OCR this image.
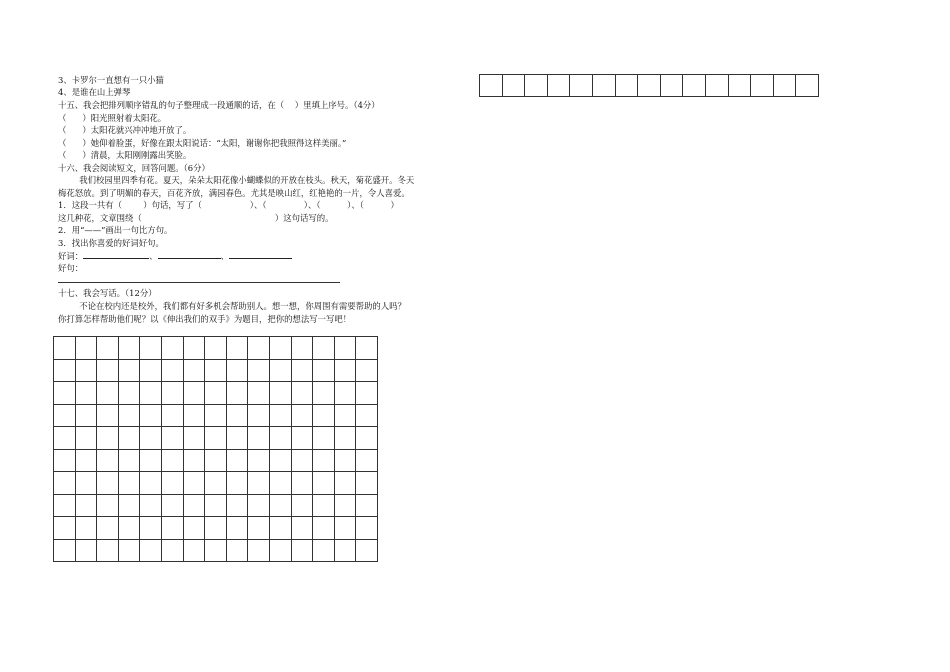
3、卡罗尔一直想有一只小猫
4、是谁在山上弹琴
十五、我会把排列顺序错乱的句子整理成一段通顺的话，在（    ）里填上序号。（4分）
（      ）阳光照射着太阳花。
（      ）太阳花就兴冲冲地开放了。
（      ）她仰着脸蛋，好像在跟太阳说话：“太阳，谢谢你把我照得这样美丽。”
（      ）清晨，太阳刚刚露出笑脸。
十六、我会阅读短文，回答问题。（6分）
我们校园里四季有花。夏天，朵朵太阳花像小蝴蝶似的开放在枝头。秋天，菊花盛开。冬天
梅花怒放。到了明媚的春天，百花齐放，满园春色。尤其是映山红，红艳艳的一片，令人喜爱。
1．这段一共有（        ）句话，写了（                  ）、（              ）、（          ）、（          ）
这几种花，文章围绕（                                                  ）这句话写的。
2．用“——”画出一句比方句。
3．找出你喜爱的好词好句。
好词：	、	、
好句：
十七、我会写话。（12分）
不论在校内还是校外，我们都有好多机会帮助别人。想一想，你周围有需要帮助的人吗？
你打算怎样帮助他们呢？以《伸出我们的双手》为题目，把你的想法写一写吧！
